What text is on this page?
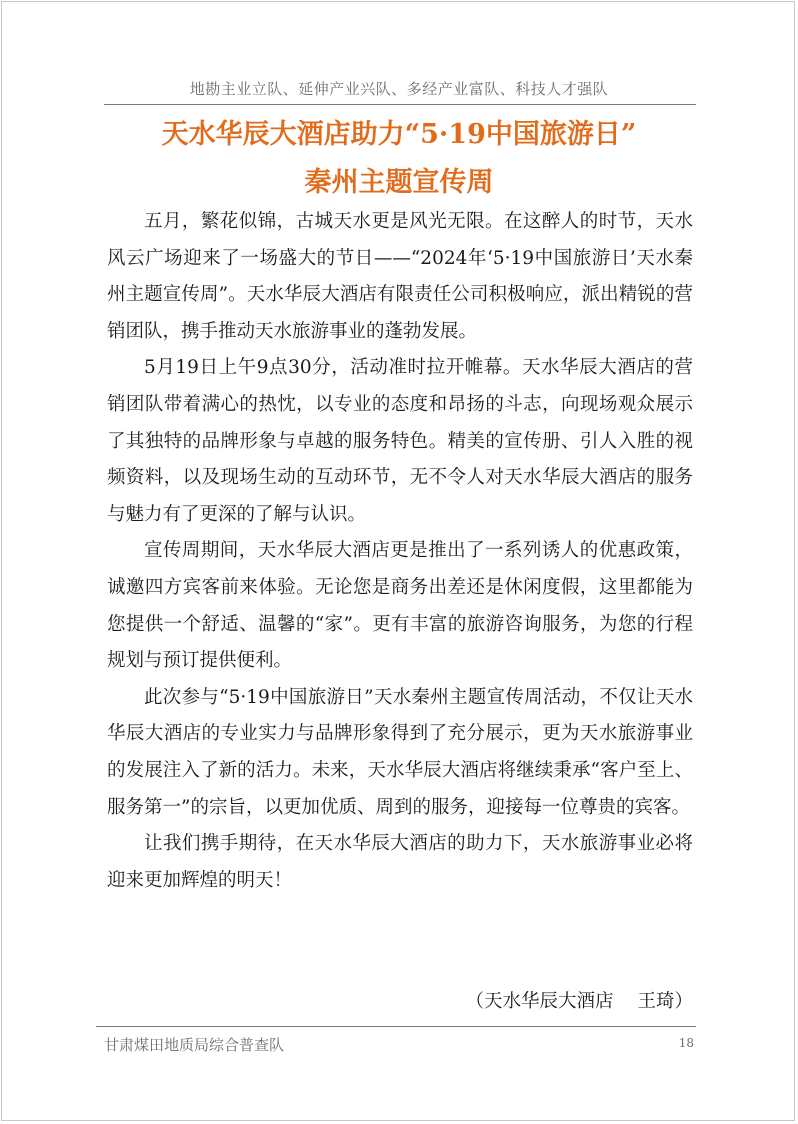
地勘主业立队、延伸产业兴队、多经产业富队、科技人才强队
天水华辰大酒店助力“5·19中国旅游日”
秦州主题宣传周

五月，繁花似锦，古城天水更是风光无限。在这醉人的时节，天水风云广场迎来了一场盛大的节日——“2024年‘5·19中国旅游日’天水秦州主题宣传周”。天水华辰大酒店有限责任公司积极响应，派出精锐的营销团队，携手推动天水旅游事业的蓬勃发展。

5月19日上午9点30分，活动准时拉开帷幕。天水华辰大酒店的营销团队带着满心的热忱，以专业的态度和昂扬的斗志，向现场观众展示了其独特的品牌形象与卓越的服务特色。精美的宣传册、引人入胜的视频资料，以及现场生动的互动环节，无不令人对天水华辰大酒店的服务与魅力有了更深的了解与认识。

宣传周期间，天水华辰大酒店更是推出了一系列诱人的优惠政策，诚邀四方宾客前来体验。无论您是商务出差还是休闲度假，这里都能为您提供一个舒适、温馨的“家”。更有丰富的旅游咨询服务，为您的行程规划与预订提供便利。

此次参与“5·19中国旅游日”天水秦州主题宣传周活动，不仅让天水华辰大酒店的专业实力与品牌形象得到了充分展示，更为天水旅游事业的发展注入了新的活力。未来，天水华辰大酒店将继续秉承“客户至上、服务第一”的宗旨，以更加优质、周到的服务，迎接每一位尊贵的宾客。

让我们携手期待，在天水华辰大酒店的助力下，天水旅游事业必将迎来更加辉煌的明天！

（天水华辰大酒店 王琦）
甘肃煤田地质局综合普查队	18
